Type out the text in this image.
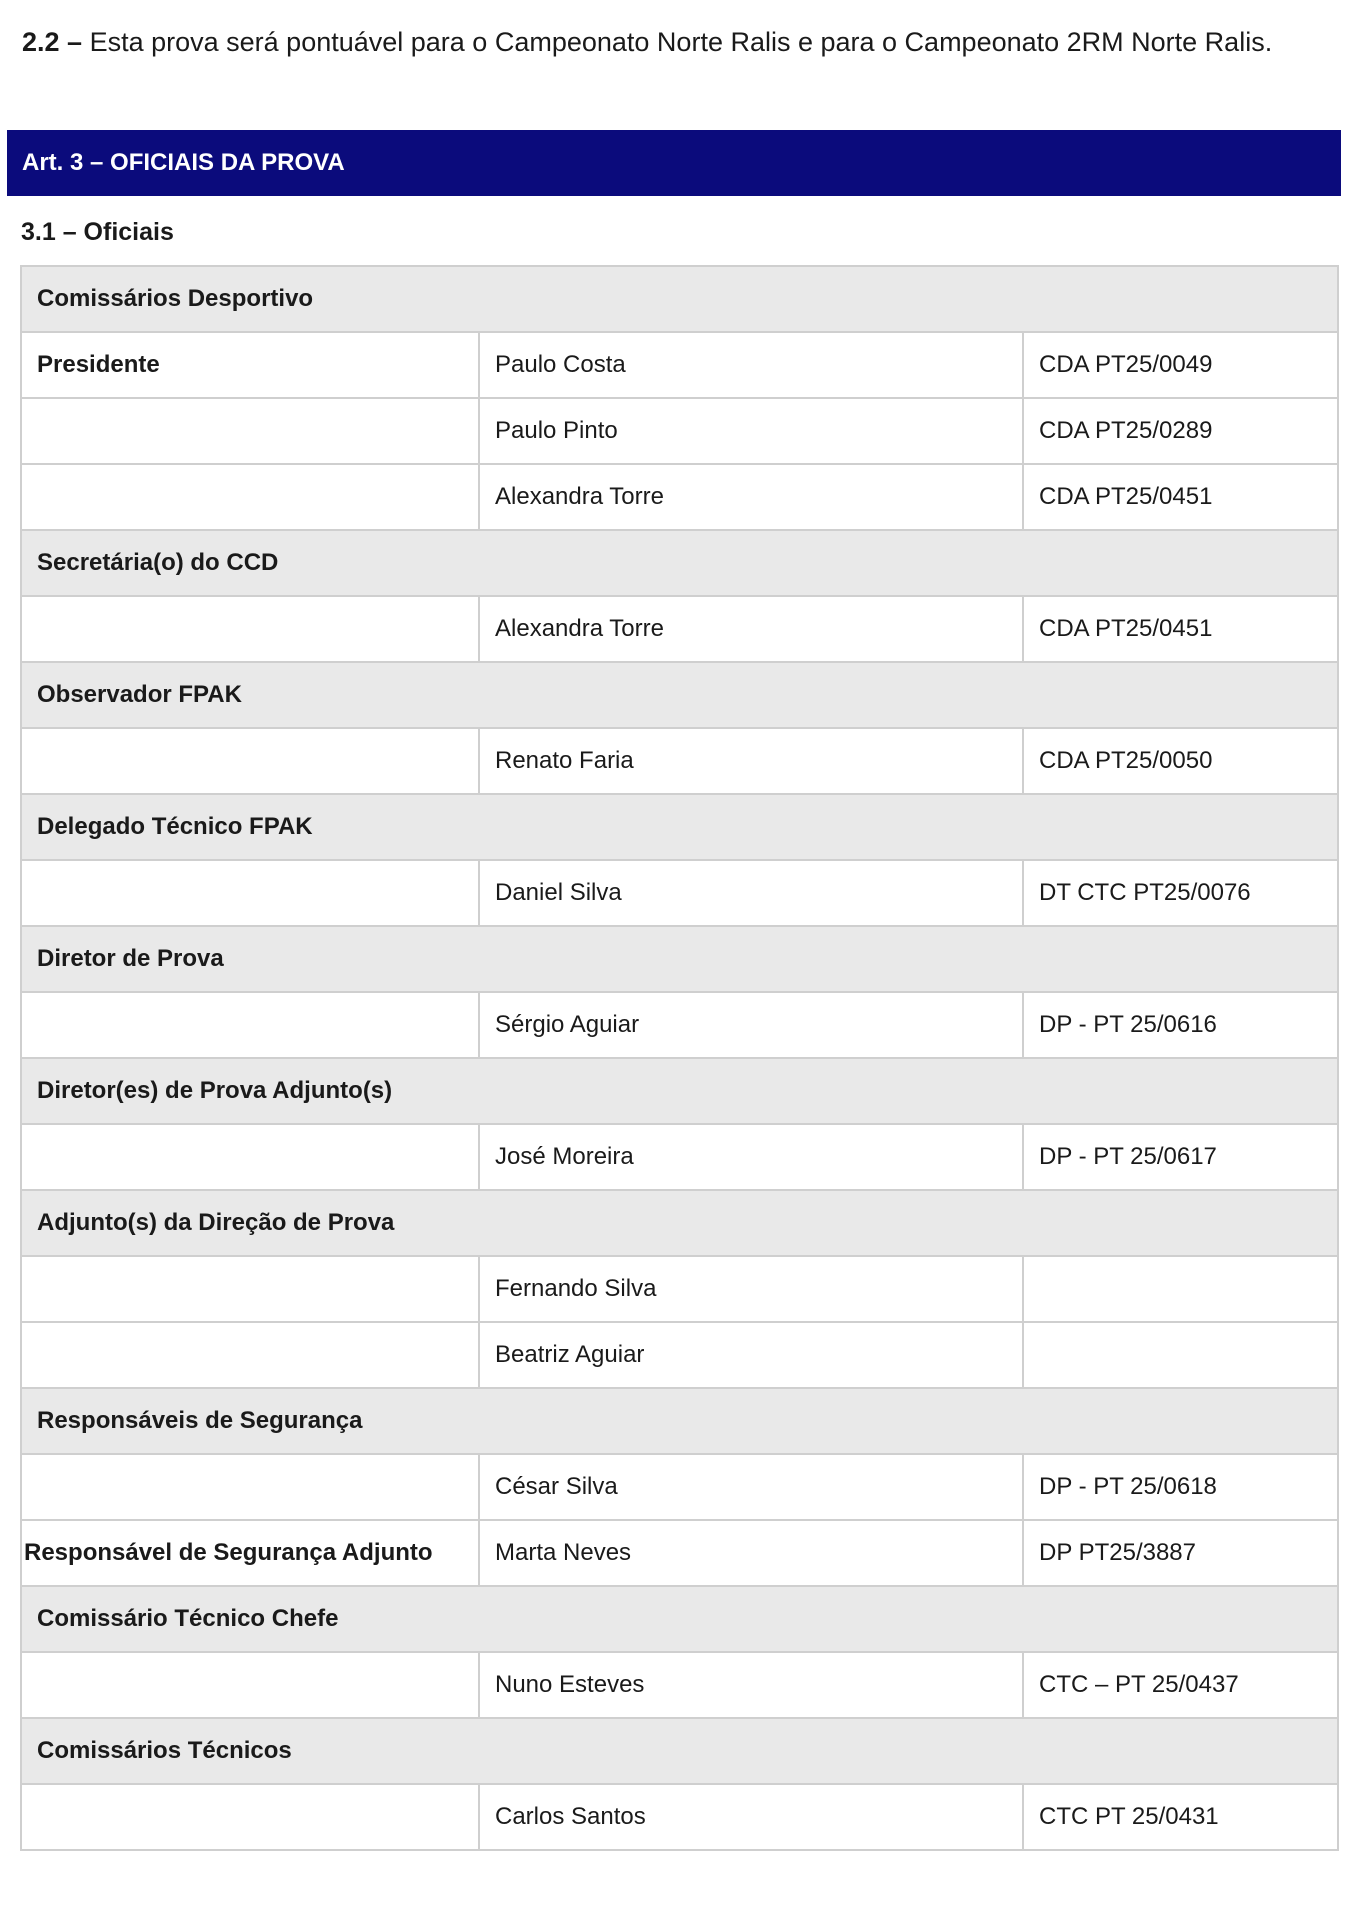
2.2 – Esta prova será pontuável para o Campeonato Norte Ralis e para o Campeonato 2RM Norte Ralis.
Art. 3 – OFICIAIS DA PROVA
3.1 – Oficiais
Comissários Desportivo		
Presidente	Paulo Costa	CDA PT25/0049
	Paulo Pinto	CDA PT25/0289
	Alexandra Torre	CDA PT25/0451
Secretária(o) do CCD		
	Alexandra Torre	CDA PT25/0451
Observador FPAK		
	Renato Faria	CDA PT25/0050
Delegado Técnico FPAK		
	Daniel Silva	DT CTC PT25/0076
Diretor de Prova		
	Sérgio Aguiar	DP - PT 25/0616
Diretor(es) de Prova Adjunto(s)		
	José Moreira	DP - PT 25/0617
Adjunto(s) da Direção de Prova		
	Fernando Silva	
	Beatriz Aguiar	
Responsáveis de Segurança		
	César Silva	DP - PT 25/0618
Responsável de Segurança Adjunto	Marta Neves	DP PT25/3887
Comissário Técnico Chefe		
	Nuno Esteves	CTC – PT 25/0437
Comissários Técnicos		
	Carlos Santos	CTC PT 25/0431
